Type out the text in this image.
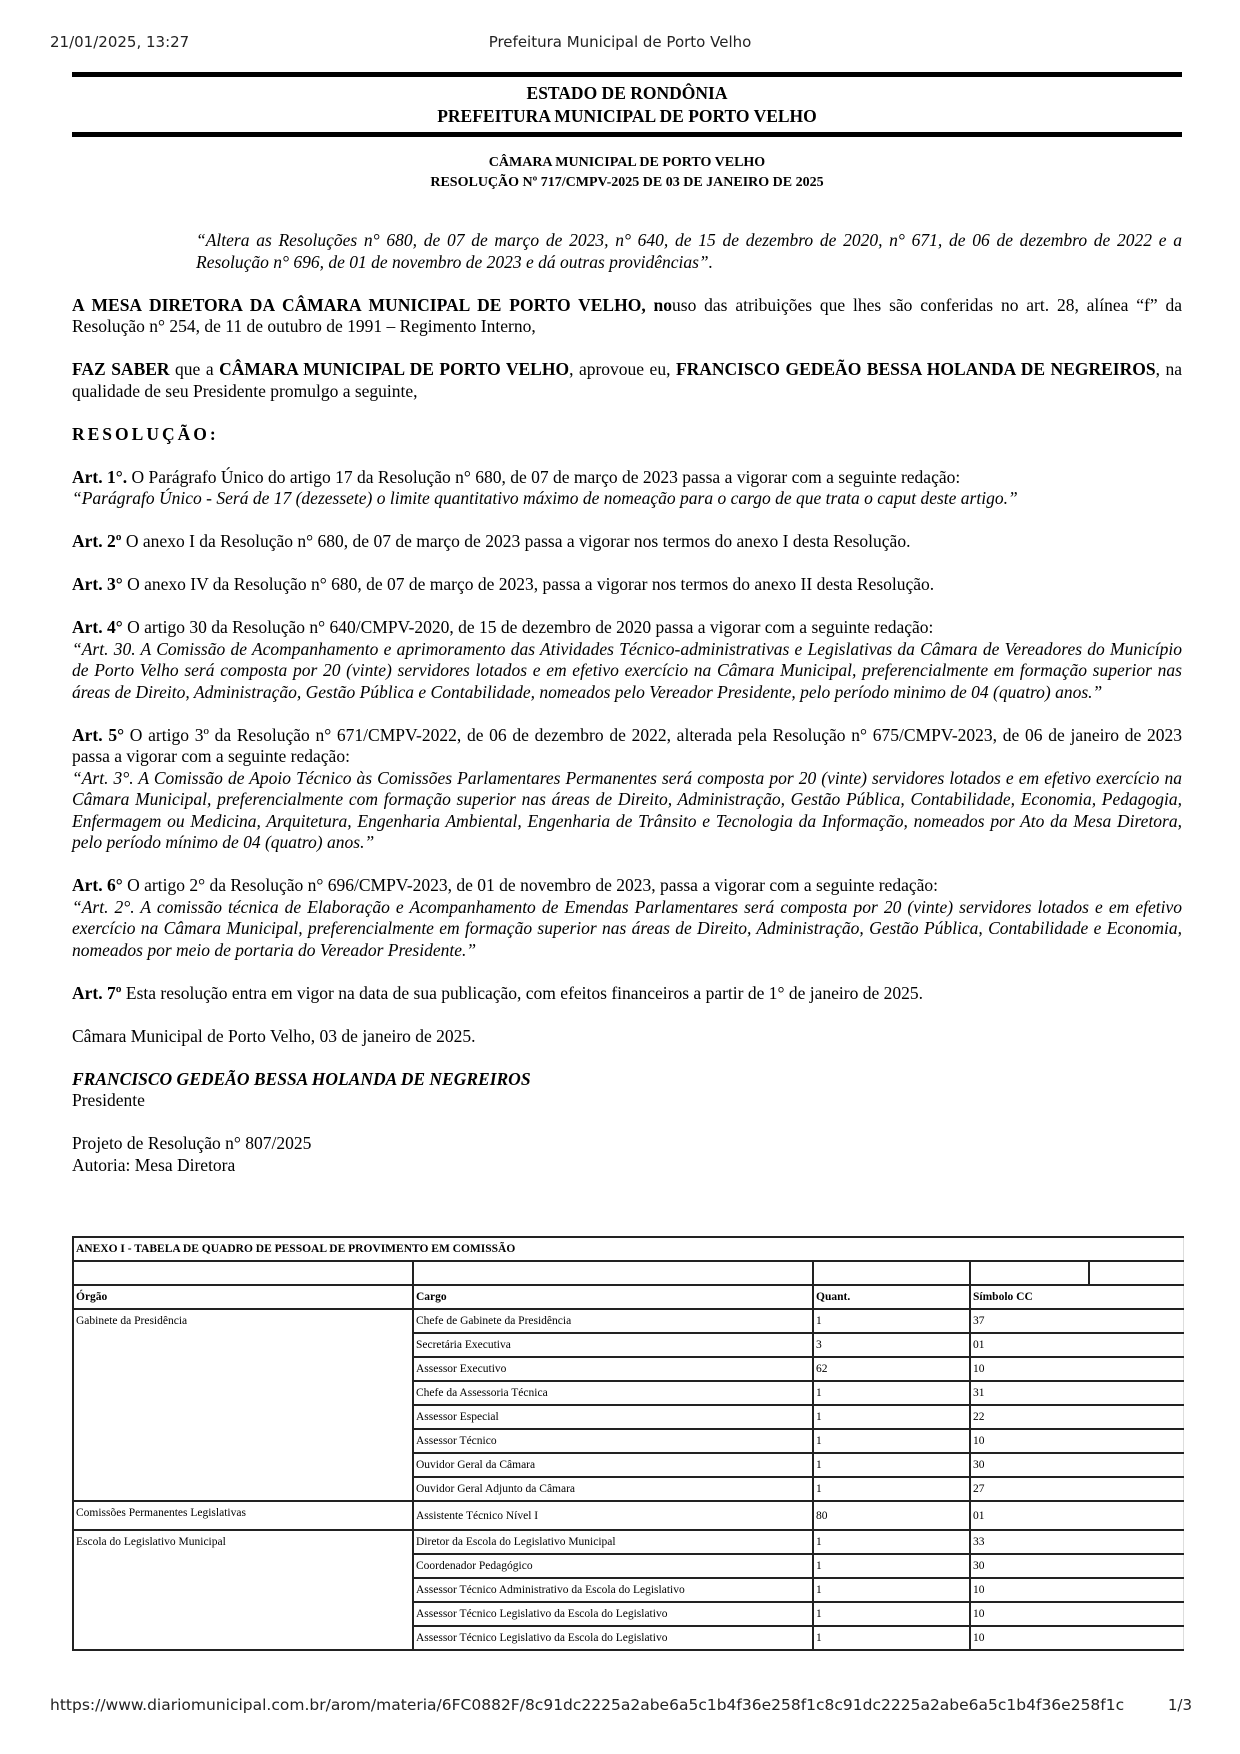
21/01/2025, 13:27	Prefeitura Municipal de Porto Velho
ESTADO DE RONDÔNIA
PREFEITURA MUNICIPAL DE PORTO VELHO
CÂMARA MUNICIPAL DE PORTO VELHO
RESOLUÇÃO Nº 717/CMPV-2025 DE 03 DE JANEIRO DE 2025

“Altera as Resoluções n° 680, de 07 de março de 2023, n° 640, de 15 de dezembro de 2020, n° 671, de 06 de dezembro de 2022 e a Resolução n° 696, de 01 de novembro de 2023 e dá outras providências”.

A MESA DIRETORA DA CÂMARA MUNICIPAL DE PORTO VELHO, nouso das atribuições que lhes são conferidas no art. 28, alínea “f” da Resolução n° 254, de 11 de outubro de 1991 – Regimento Interno,

FAZ SABER que a CÂMARA MUNICIPAL DE PORTO VELHO, aprovoue eu, FRANCISCO GEDEÃO BESSA HOLANDA DE NEGREIROS, na qualidade de seu Presidente promulgo a seguinte,

RESOLUÇÃO:

Art. 1°. O Parágrafo Único do artigo 17 da Resolução n° 680, de 07 de março de 2023 passa a vigorar com a seguinte redação:

“Parágrafo Único - Será de 17 (dezessete) o limite quantitativo máximo de nomeação para o cargo de que trata o caput deste artigo.”

Art. 2º O anexo I da Resolução n° 680, de 07 de março de 2023 passa a vigorar nos termos do anexo I desta Resolução.

Art. 3° O anexo IV da Resolução n° 680, de 07 de março de 2023, passa a vigorar nos termos do anexo II desta Resolução.

Art. 4° O artigo 30 da Resolução n° 640/CMPV-2020, de 15 de dezembro de 2020 passa a vigorar com a seguinte redação:

“Art. 30. A Comissão de Acompanhamento e aprimoramento das Atividades Técnico-administrativas e Legislativas da Câmara de Vereadores do Município de Porto Velho será composta por 20 (vinte) servidores lotados e em efetivo exercício na Câmara Municipal, preferencialmente em formação superior nas áreas de Direito, Administração, Gestão Pública e Contabilidade, nomeados pelo Vereador Presidente, pelo período minimo de 04 (quatro) anos.”

Art. 5° O artigo 3º da Resolução n° 671/CMPV-2022, de 06 de dezembro de 2022, alterada pela Resolução n° 675/CMPV-2023, de 06 de janeiro de 2023 passa a vigorar com a seguinte redação:

“Art. 3°. A Comissão de Apoio Técnico às Comissões Parlamentares Permanentes será composta por 20 (vinte) servidores lotados e em efetivo exercício na Câmara Municipal, preferencialmente com formação superior nas áreas de Direito, Administração, Gestão Pública, Contabilidade, Economia, Pedagogia, Enfermagem ou Medicina, Arquitetura, Engenharia Ambiental, Engenharia de Trânsito e Tecnologia da Informação, nomeados por Ato da Mesa Diretora, pelo período mínimo de 04 (quatro) anos.”

Art. 6° O artigo 2° da Resolução n° 696/CMPV-2023, de 01 de novembro de 2023, passa a vigorar com a seguinte redação:

“Art. 2°. A comissão técnica de Elaboração e Acompanhamento de Emendas Parlamentares será composta por 20 (vinte) servidores lotados e em efetivo exercício na Câmara Municipal, preferencialmente em formação superior nas áreas de Direito, Administração, Gestão Pública, Contabilidade e Economia, nomeados por meio de portaria do Vereador Presidente.”

Art. 7º Esta resolução entra em vigor na data de sua publicação, com efeitos financeiros a partir de 1° de janeiro de 2025.

Câmara Municipal de Porto Velho, 03 de janeiro de 2025.

FRANCISCO GEDEÃO BESSA HOLANDA DE NEGREIROS

Presidente

Projeto de Resolução n° 807/2025

Autoria: Mesa Diretora

ANEXO I - TABELA DE QUADRO DE PESSOAL DE PROVIMENTO EM COMISSÃO				

Órgão	Cargo	Quant.	Símbolo CC	
Gabinete da Presidência	Chefe de Gabinete da Presidência	1	37	
	Secretária Executiva	3	01	
	Assessor Executivo	62	10	
	Chefe da Assessoria Técnica	1	31	
	Assessor Especial	1	22	
	Assessor Técnico	1	10	
	Ouvidor Geral da Câmara	1	30	
	Ouvidor Geral Adjunto da Câmara	1	27	
Comissões Permanentes Legislativas	Assistente Técnico Nível I	80	01	
Escola do Legislativo Municipal	Diretor da Escola do Legislativo Municipal	1	33	
	Coordenador Pedagógico	1	30	
	Assessor Técnico Administrativo da Escola do Legislativo	1	10	
	Assessor Técnico Legislativo da Escola do Legislativo	1	10	
	Assessor Técnico Legislativo da Escola do Legislativo	1	10	
https://www.diariomunicipal.com.br/arom/materia/6FC0882F/8c91dc2225a2abe6a5c1b4f36e258f1c8c91dc2225a2abe6a5c1b4f36e258f1c	1/3
